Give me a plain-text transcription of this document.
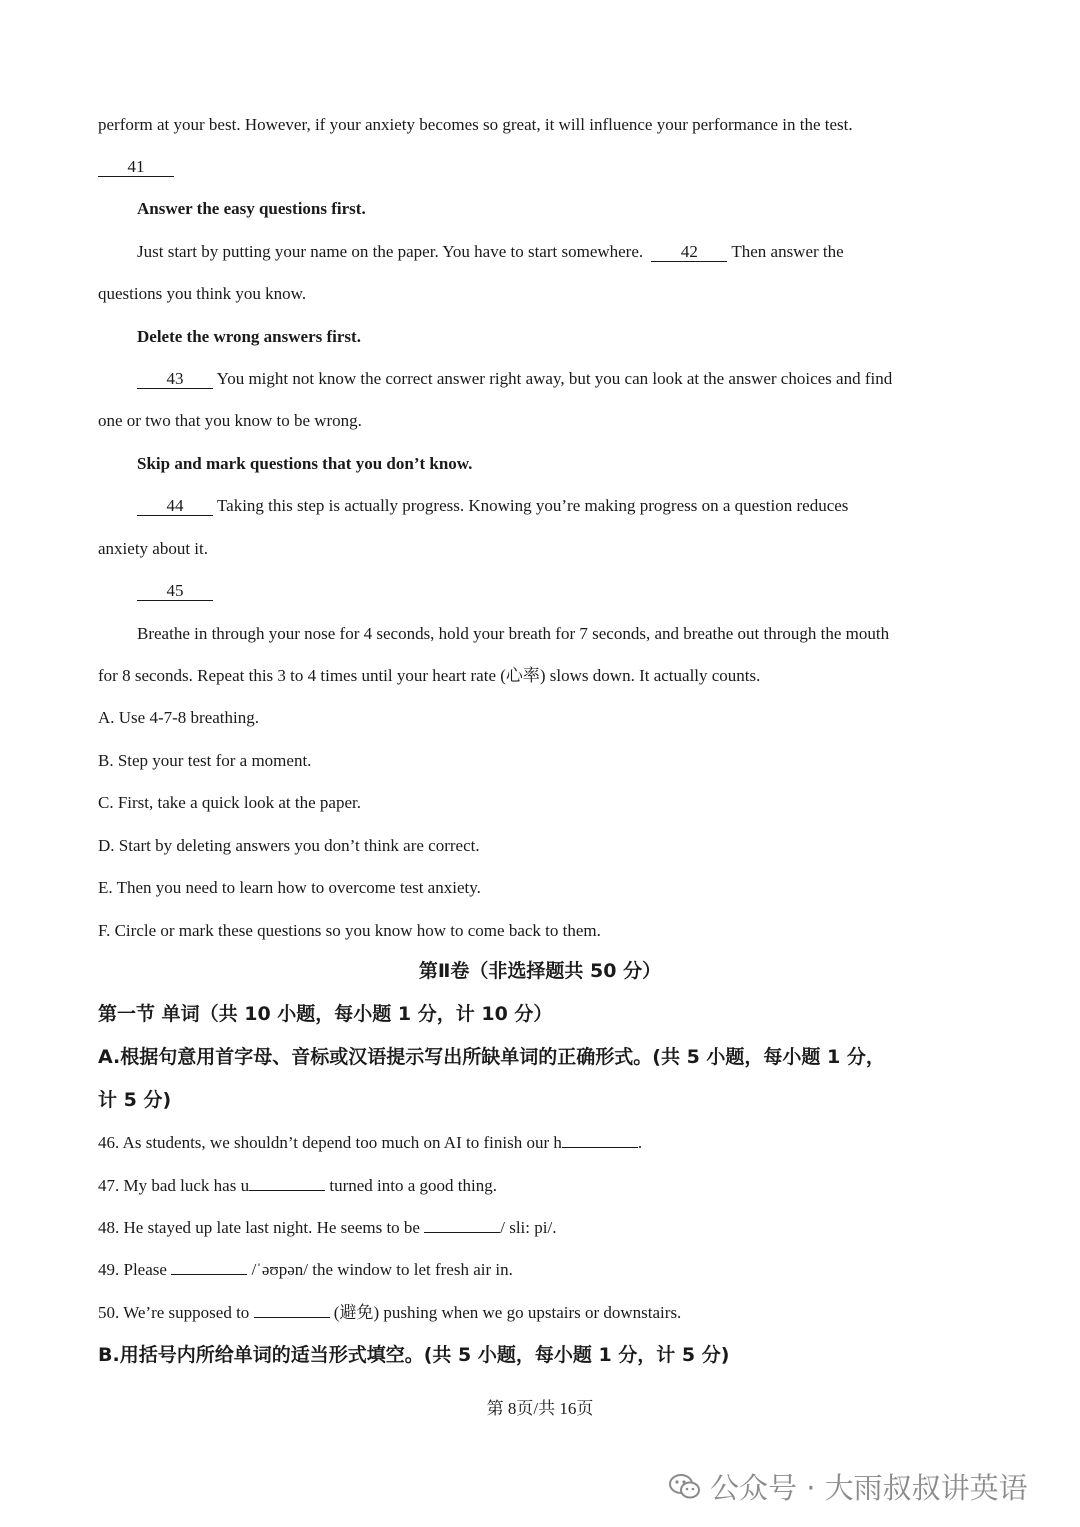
perform at your best. However, if your anxiety becomes so great, it will influence your performance in the test.
41
Answer the easy questions first.
Just start by putting your name on the paper. You have to start somewhere. 42 Then answer the
questions you think you know.
Delete the wrong answers first.
43 You might not know the correct answer right away, but you can look at the answer choices and find
one or two that you know to be wrong.
Skip and mark questions that you don’t know.
44 Taking this step is actually progress. Knowing you’re making progress on a question reduces
anxiety about it.
45
Breathe in through your nose for 4 seconds, hold your breath for 7 seconds, and breathe out through the mouth
for 8 seconds. Repeat this 3 to 4 times until your heart rate (心率) slows down. It actually counts.
A. Use 4-7-8 breathing.
B. Step your test for a moment.
C. First, take a quick look at the paper.
D. Start by deleting answers you don’t think are correct.
E. Then you need to learn how to overcome test anxiety.
F. Circle or mark these questions so you know how to come back to them.
第Ⅱ卷（非选择题共 50 分）
第一节 单词（共 10 小题，每小题 1 分，计 10 分）
A.根据句意用首字母、音标或汉语提示写出所缺单词的正确形式。(共 5 小题，每小题 1 分，
计 5 分)
46. As students, we shouldn’t depend too much on AI to finish our h	.
47. My bad luck has u	turned into a good thing.
48. He stayed up late last night. He seems to be	/ sli: pi/.
49. Please	/ˈəʊpən/ the window to let fresh air in.
50. We’re supposed to	(避免) pushing when we go upstairs or downstairs.
B.用括号内所给单词的适当形式填空。(共 5 小题，每小题 1 分，计 5 分)
第 8页/共 16页
公众号 · 大雨叔叔讲英语
